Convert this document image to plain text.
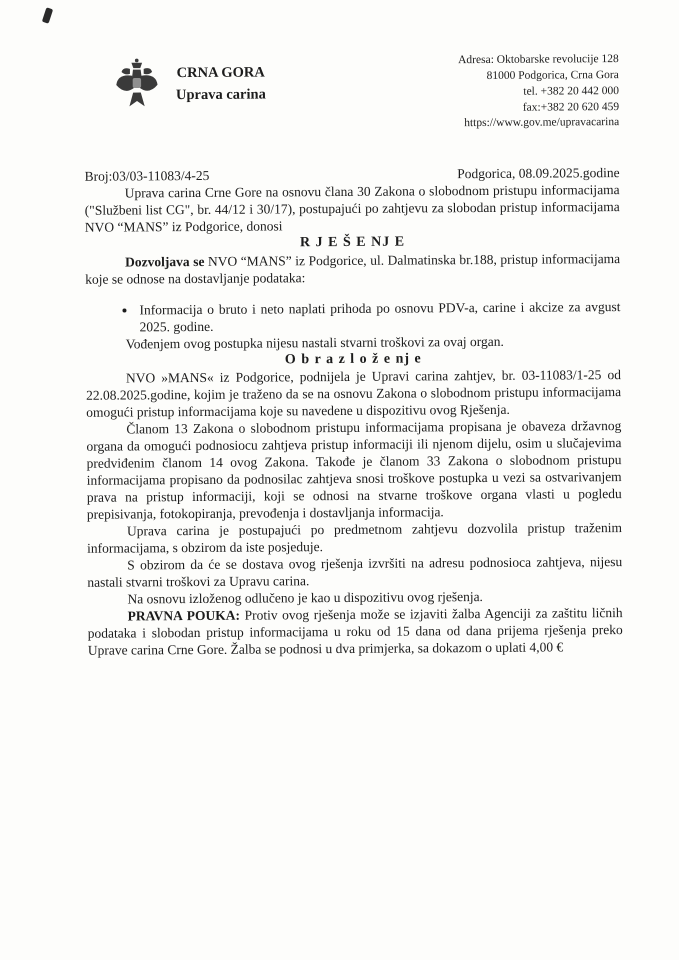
CRNA GORA
Uprava carina
Adresa: Oktobarske revolucije 128
81000 Podgorica, Crna Gora
tel. +382 20 442 000
fax:+382 20 620 459
https://www.gov.me/upravacarina
Broj:03/03-11083/4-25	Podgorica, 08.09.2025.godine

Uprava carina Crne Gore na osnovu člana 30 Zakona o slobodnom pristupu informacijama ("Službeni list CG", br. 44/12 i 30/17), postupajući po zahtjevu za slobodan pristup informacijama NVO “MANS” iz Podgorice, donosi

R J E Š E NJ E

Dozvoljava se NVO “MANS” iz Podgorice, ul. Dalmatinska br.188, pristup informacijama koje se odnose na dostavljanje podataka:

• Informacija o bruto i neto naplati prihoda po osnovu PDV-a, carine i akcize za avgust 2025. godine.

Vođenjem ovog postupka nijesu nastali stvarni troškovi za ovaj organ.

O b r a z l o ž e nj e

NVO »MANS« iz Podgorice, podnijela je Upravi carina zahtjev, br. 03-11083/1-25 od 22.08.2025.godine, kojim je traženo da se na osnovu Zakona o slobodnom pristupu informacijama omogući pristup informacijama koje su navedene u dispozitivu ovog Rješenja.

Članom 13 Zakona o slobodnom pristupu informacijama propisana je obaveza državnog organa da omogući podnosiocu zahtjeva pristup informaciji ili njenom dijelu, osim u slučajevima predviđenim članom 14 ovog Zakona. Takođe je članom 33 Zakona o slobodnom pristupu informacijama propisano da podnosilac zahtjeva snosi troškove postupka u vezi sa ostvarivanjem prava na pristup informaciji, koji se odnosi na stvarne troškove organa vlasti u pogledu prepisivanja, fotokopiranja, prevođenja i dostavljanja informacija.

Uprava carina je postupajući po predmetnom zahtjevu dozvolila pristup traženim informacijama, s obzirom da iste posjeduje.

S obzirom da će se dostava ovog rješenja izvršiti na adresu podnosioca zahtjeva, nijesu nastali stvarni troškovi za Upravu carina.

Na osnovu izloženog odlučeno je kao u dispozitivu ovog rješenja.

PRAVNA POUKA: Protiv ovog rješenja može se izjaviti žalba Agenciji za zaštitu ličnih podataka i slobodan pristup informacijama u roku od 15 dana od dana prijema rješenja preko Uprave carina Crne Gore. Žalba se podnosi u dva primjerka, sa dokazom o uplati 4,00 €
